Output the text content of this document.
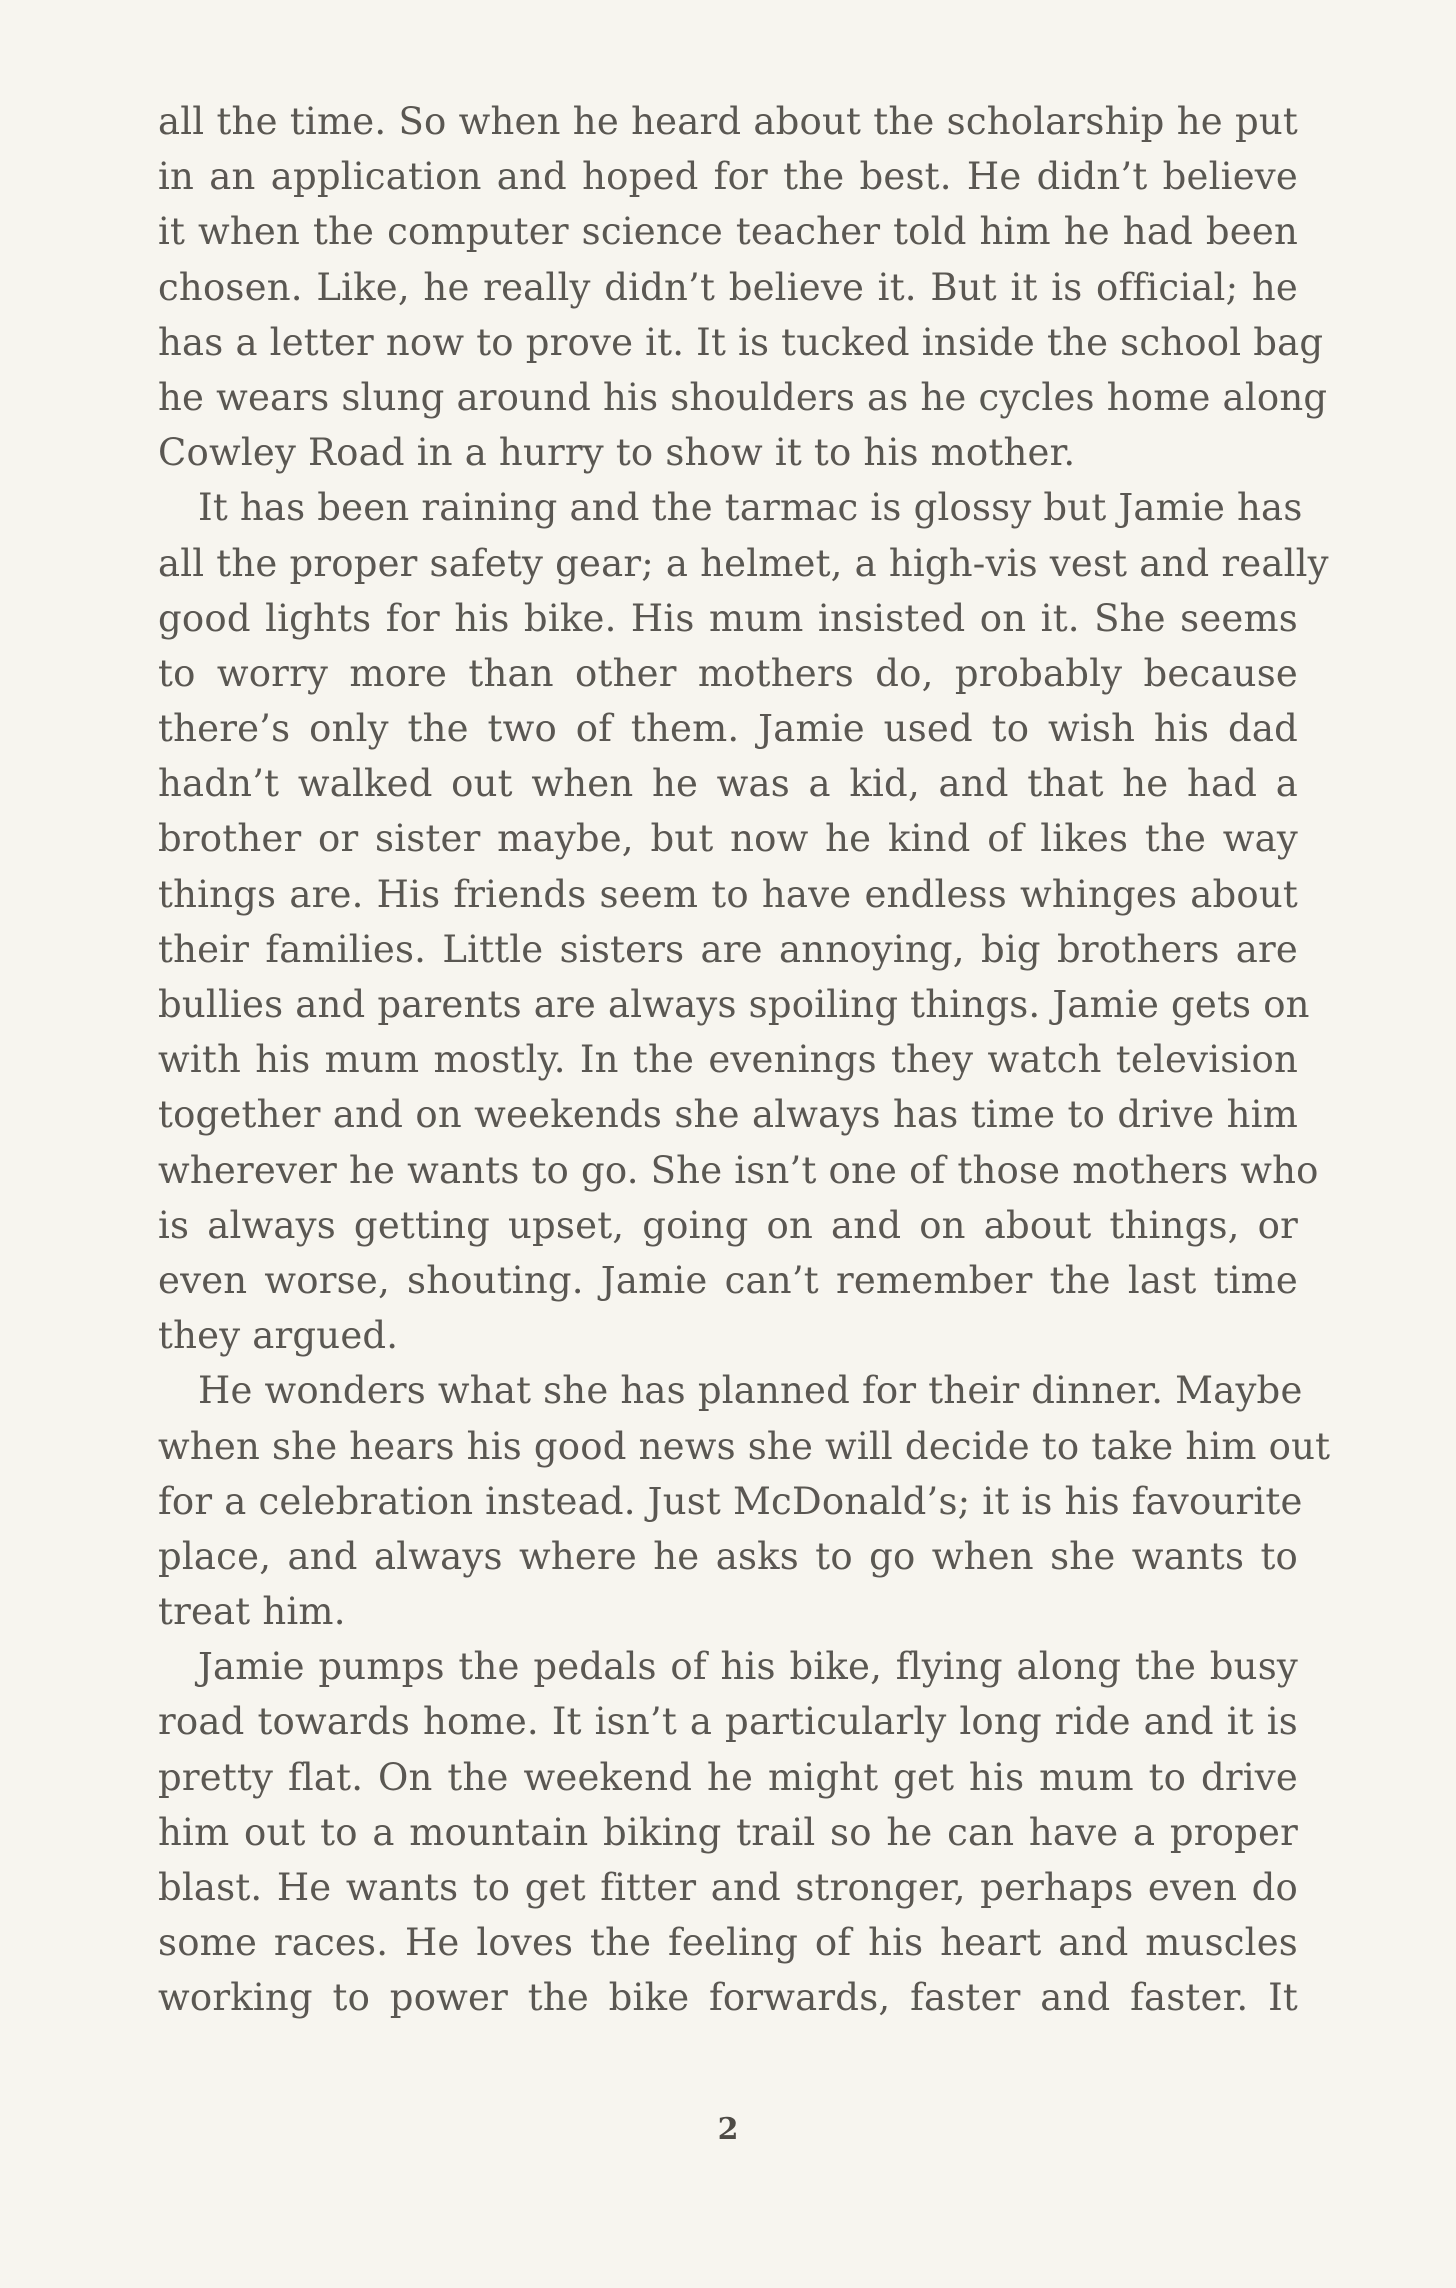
all the time. So when he heard about the scholarship he put
in an application and hoped for the best. He didn’t believe
it when the computer science teacher told him he had been
chosen. Like, he really didn’t believe it. But it is official; he
has a letter now to prove it. It is tucked inside the school bag
he wears slung around his shoulders as he cycles home along
Cowley Road in a hurry to show it to his mother.
It has been raining and the tarmac is glossy but Jamie has
all the proper safety gear; a helmet, a high-vis vest and really
good lights for his bike. His mum insisted on it. She seems
to worry more than other mothers do, probably because
there’s only the two of them. Jamie used to wish his dad
hadn’t walked out when he was a kid, and that he had a
brother or sister maybe, but now he kind of likes the way
things are. His friends seem to have endless whinges about
their families. Little sisters are annoying, big brothers are
bullies and parents are always spoiling things. Jamie gets on
with his mum mostly. In the evenings they watch television
together and on weekends she always has time to drive him
wherever he wants to go. She isn’t one of those mothers who
is always getting upset, going on and on about things, or
even worse, shouting. Jamie can’t remember the last time
they argued.
He wonders what she has planned for their dinner. Maybe
when she hears his good news she will decide to take him out
for a celebration instead. Just McDonald’s; it is his favourite
place, and always where he asks to go when she wants to
treat him.
Jamie pumps the pedals of his bike, flying along the busy
road towards home. It isn’t a particularly long ride and it is
pretty flat. On the weekend he might get his mum to drive
him out to a mountain biking trail so he can have a proper
blast. He wants to get fitter and stronger, perhaps even do
some races. He loves the feeling of his heart and muscles
working to power the bike forwards, faster and faster. It
2
